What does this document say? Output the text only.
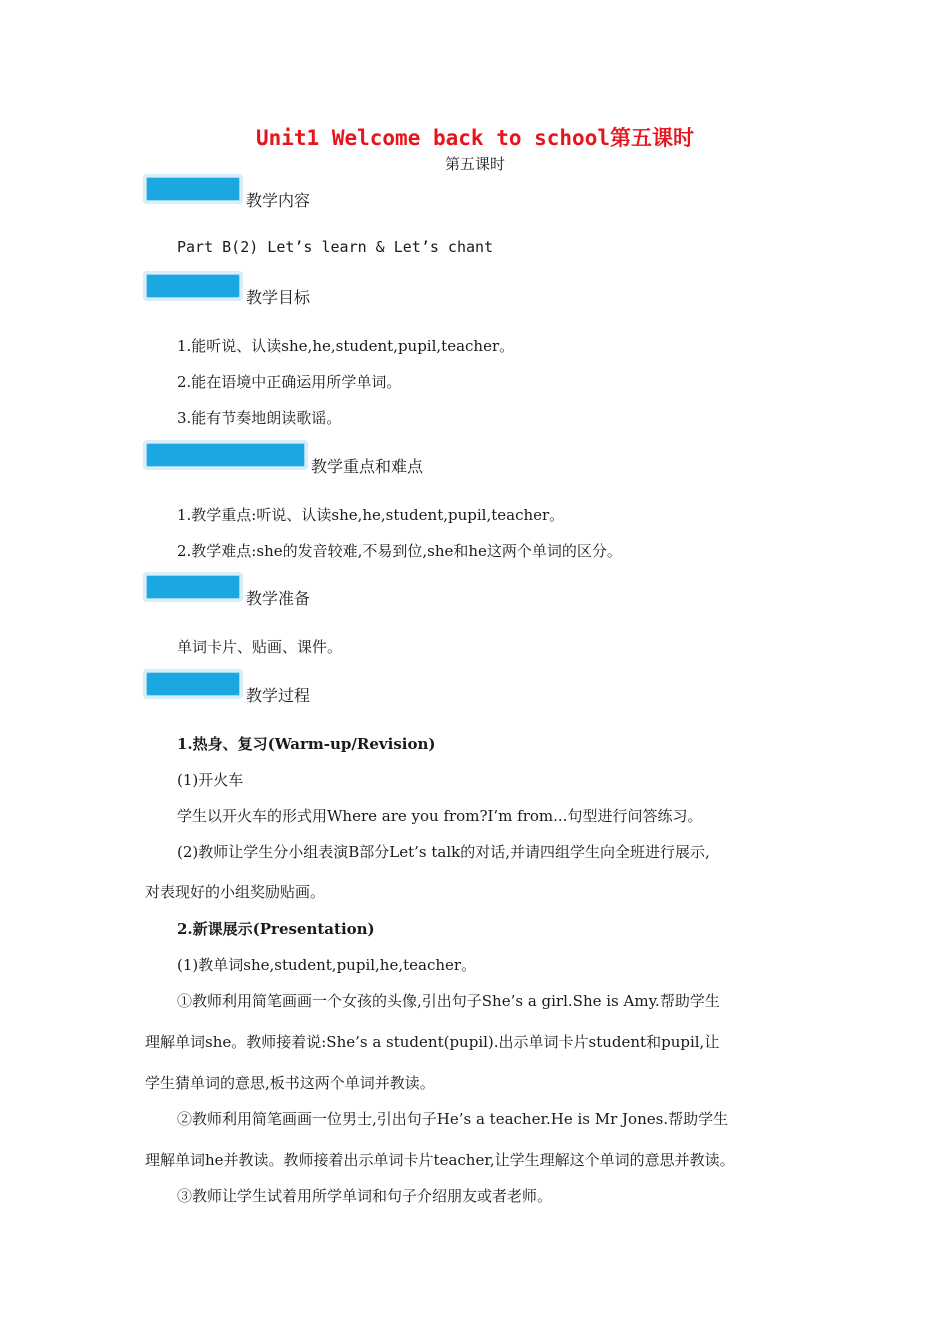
Unit1 Welcome back to school第五课时
第五课时
教学内容
Part B(2) Let’s learn & Let’s chant
教学目标
1.能听说、认读she,he,student,pupil,teacher。
2.能在语境中正确运用所学单词。
3.能有节奏地朗读歌谣。
教学重点和难点
1.教学重点:听说、认读she,he,student,pupil,teacher。
2.教学难点:she的发音较难,不易到位,she和he这两个单词的区分。
教学准备
单词卡片、贴画、课件。
教学过程
1.热身、复习(Warm-up/Revision)
(1)开火车
学生以开火车的形式用Where are you from?I’m from...句型进行问答练习。
(2)教师让学生分小组表演B部分Let’s talk的对话,并请四组学生向全班进行展示,
对表现好的小组奖励贴画。
2.新课展示(Presentation)
(1)教单词she,student,pupil,he,teacher。
①教师利用简笔画画一个女孩的头像,引出句子She’s a girl.She is Amy.帮助学生
理解单词she。教师接着说:She’s a student(pupil).出示单词卡片student和pupil,让
学生猜单词的意思,板书这两个单词并教读。
②教师利用简笔画画一位男士,引出句子He’s a teacher.He is Mr Jones.帮助学生
理解单词he并教读。教师接着出示单词卡片teacher,让学生理解这个单词的意思并教读。
③教师让学生试着用所学单词和句子介绍朋友或者老师。
